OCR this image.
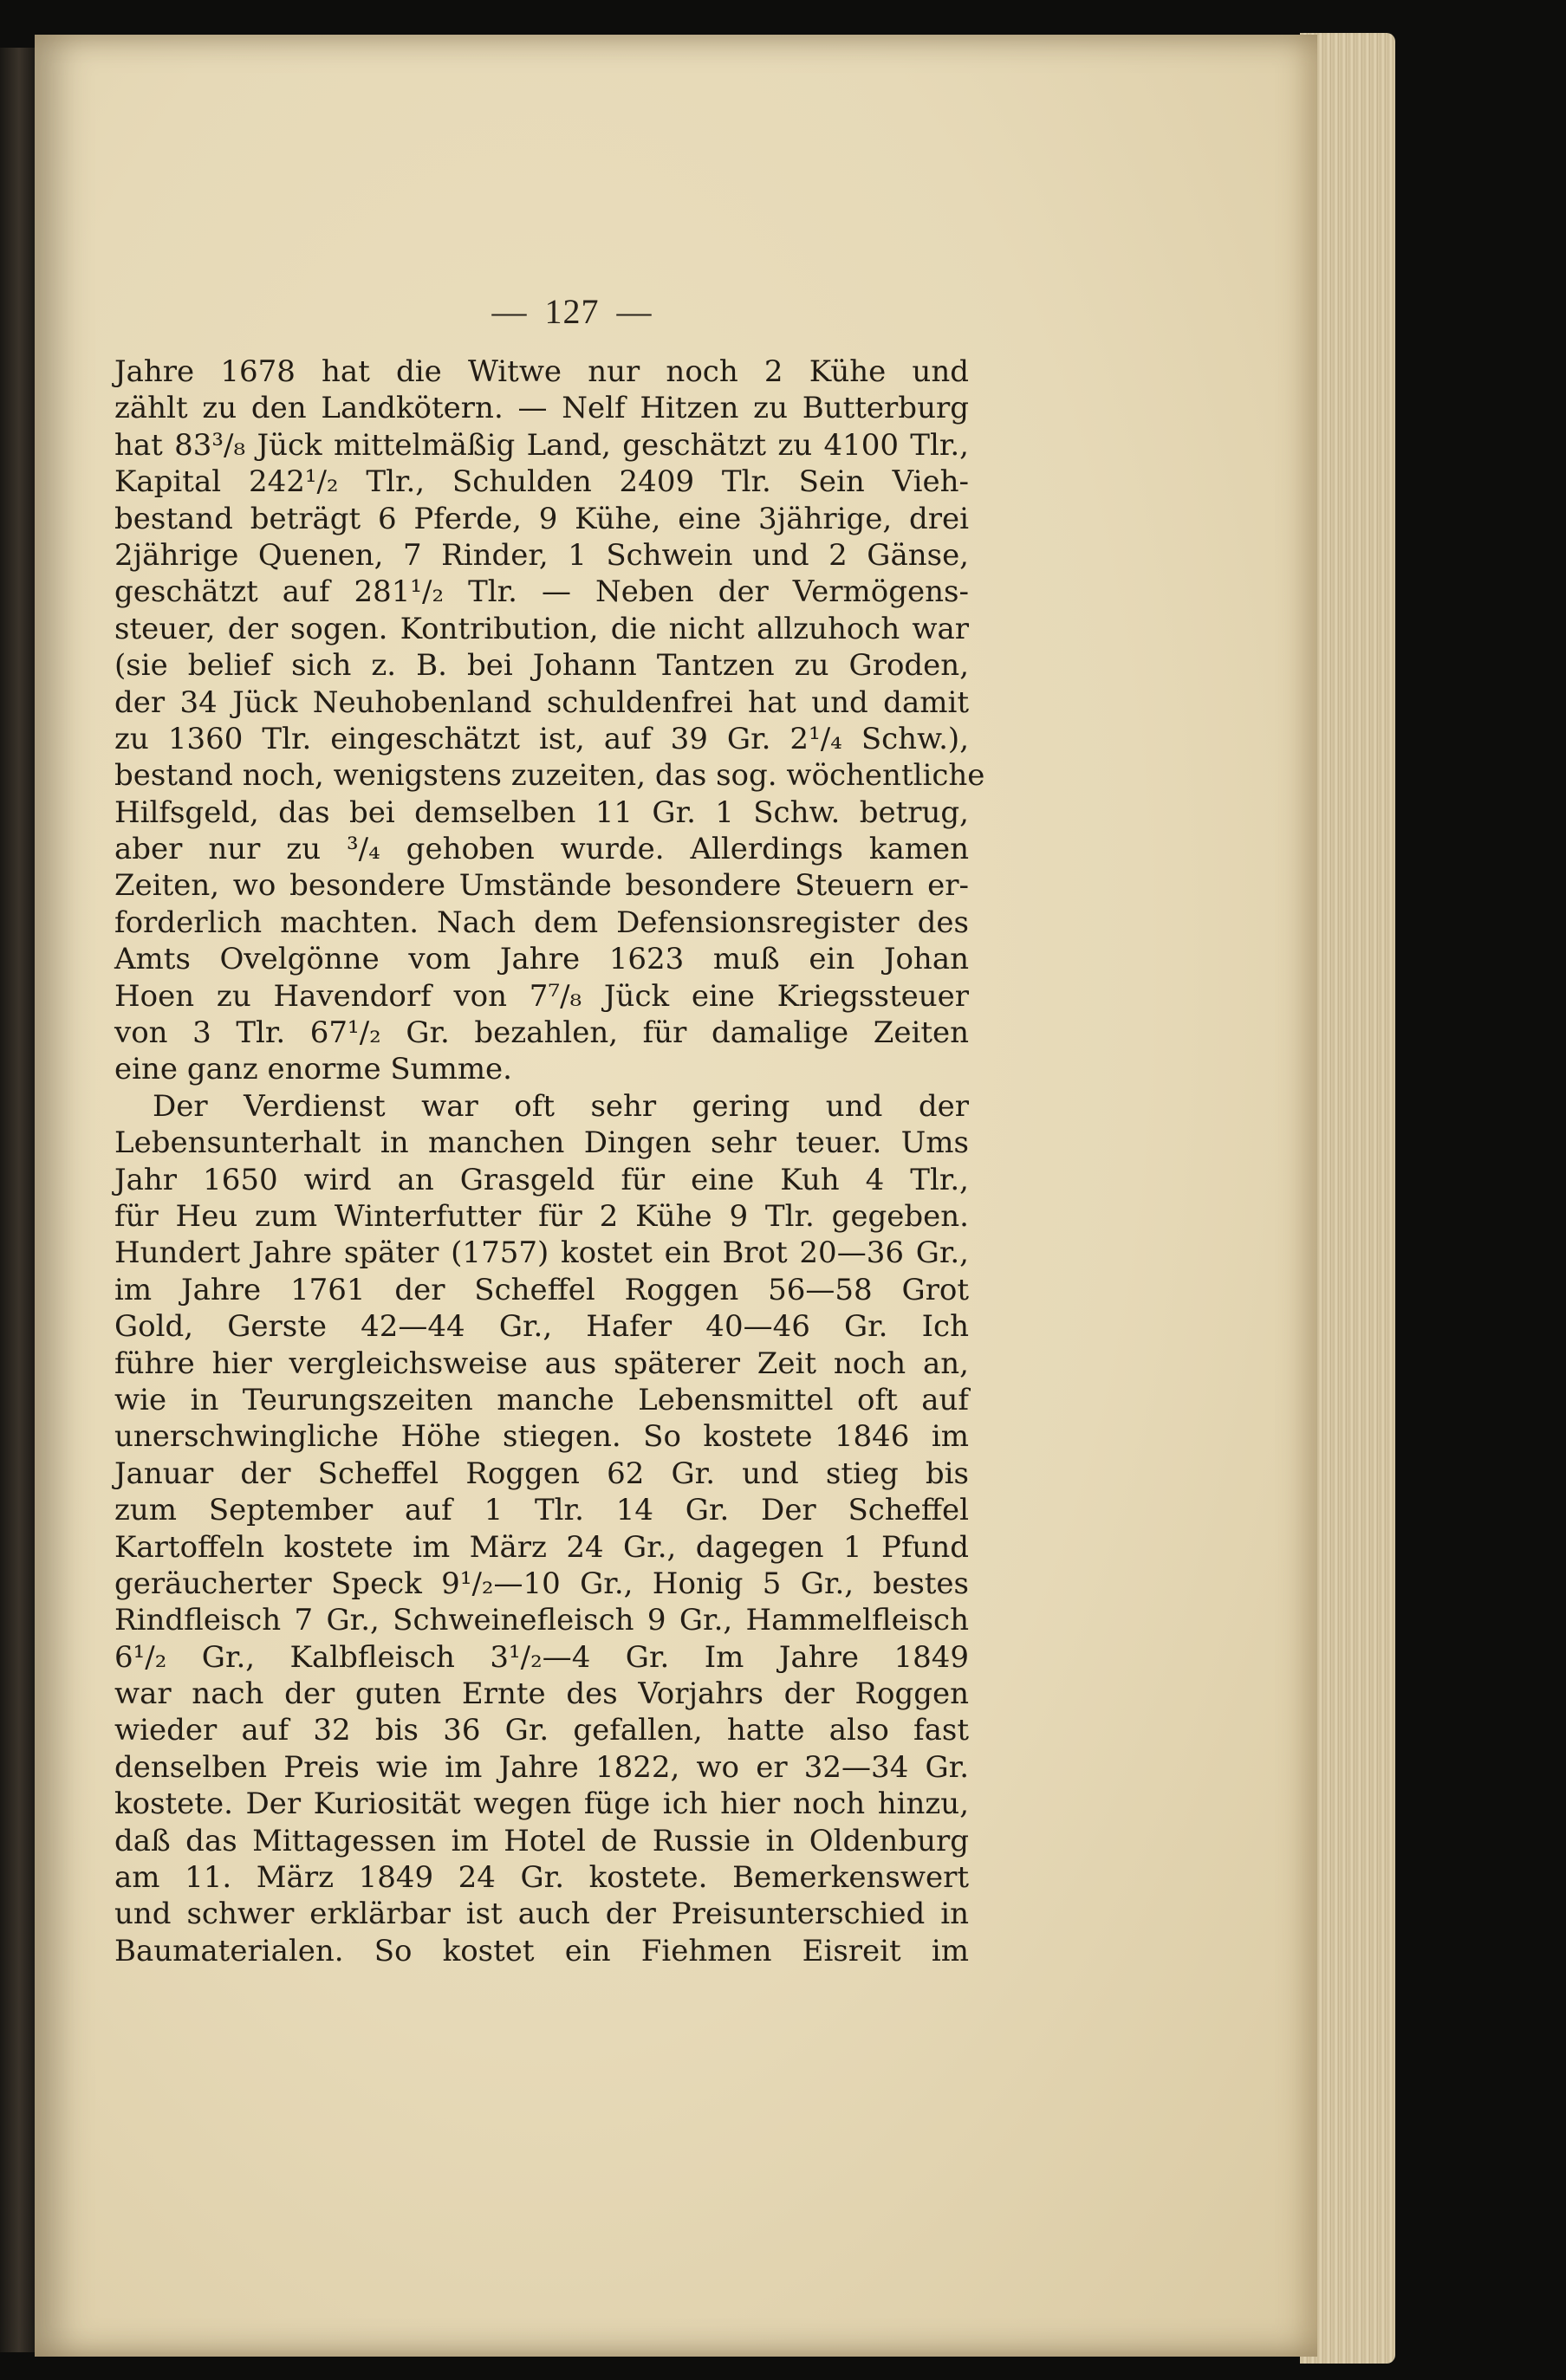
— 127 —
Jahre 1678 hat die Witwe nur noch 2 Kühe und
zählt zu den Landkötern. — Nelf Hitzen zu Butterburg
hat 83³/₈ Jück mittelmäßig Land, geschätzt zu 4100 Tlr.,
Kapital 242¹/₂ Tlr., Schulden 2409 Tlr. Sein Vieh-
bestand beträgt 6 Pferde, 9 Kühe, eine 3jährige, drei
2jährige Quenen, 7 Rinder, 1 Schwein und 2 Gänse,
geschätzt auf 281¹/₂ Tlr. — Neben der Vermögens-
steuer, der sogen. Kontribution, die nicht allzuhoch war
(sie belief sich z. B. bei Johann Tantzen zu Groden,
der 34 Jück Neuhobenland schuldenfrei hat und damit
zu 1360 Tlr. eingeschätzt ist, auf 39 Gr. 2¹/₄ Schw.),
bestand noch, wenigstens zuzeiten, das sog. wöchentliche
Hilfsgeld, das bei demselben 11 Gr. 1 Schw. betrug,
aber nur zu ³/₄ gehoben wurde. Allerdings kamen
Zeiten, wo besondere Umstände besondere Steuern er-
forderlich machten. Nach dem Defensionsregister des
Amts Ovelgönne vom Jahre 1623 muß ein Johan
Hoen zu Havendorf von 7⁷/₈ Jück eine Kriegssteuer
von 3 Tlr. 67¹/₂ Gr. bezahlen, für damalige Zeiten
eine ganz enorme Summe.
Der Verdienst war oft sehr gering und der
Lebensunterhalt in manchen Dingen sehr teuer. Ums
Jahr 1650 wird an Grasgeld für eine Kuh 4 Tlr.,
für Heu zum Winterfutter für 2 Kühe 9 Tlr. gegeben.
Hundert Jahre später (1757) kostet ein Brot 20—36 Gr.,
im Jahre 1761 der Scheffel Roggen 56—58 Grot
Gold, Gerste 42—44 Gr., Hafer 40—46 Gr. Ich
führe hier vergleichsweise aus späterer Zeit noch an,
wie in Teurungszeiten manche Lebensmittel oft auf
unerschwingliche Höhe stiegen. So kostete 1846 im
Januar der Scheffel Roggen 62 Gr. und stieg bis
zum September auf 1 Tlr. 14 Gr. Der Scheffel
Kartoffeln kostete im März 24 Gr., dagegen 1 Pfund
geräucherter Speck 9¹/₂—10 Gr., Honig 5 Gr., bestes
Rindfleisch 7 Gr., Schweinefleisch 9 Gr., Hammelfleisch
6¹/₂ Gr., Kalbfleisch 3¹/₂—4 Gr. Im Jahre 1849
war nach der guten Ernte des Vorjahrs der Roggen
wieder auf 32 bis 36 Gr. gefallen, hatte also fast
denselben Preis wie im Jahre 1822, wo er 32—34 Gr.
kostete. Der Kuriosität wegen füge ich hier noch hinzu,
daß das Mittagessen im Hotel de Russie in Oldenburg
am 11. März 1849 24 Gr. kostete. Bemerkenswert
und schwer erklärbar ist auch der Preisunterschied in
Baumaterialen. So kostet ein Fiehmen Eisreit im
